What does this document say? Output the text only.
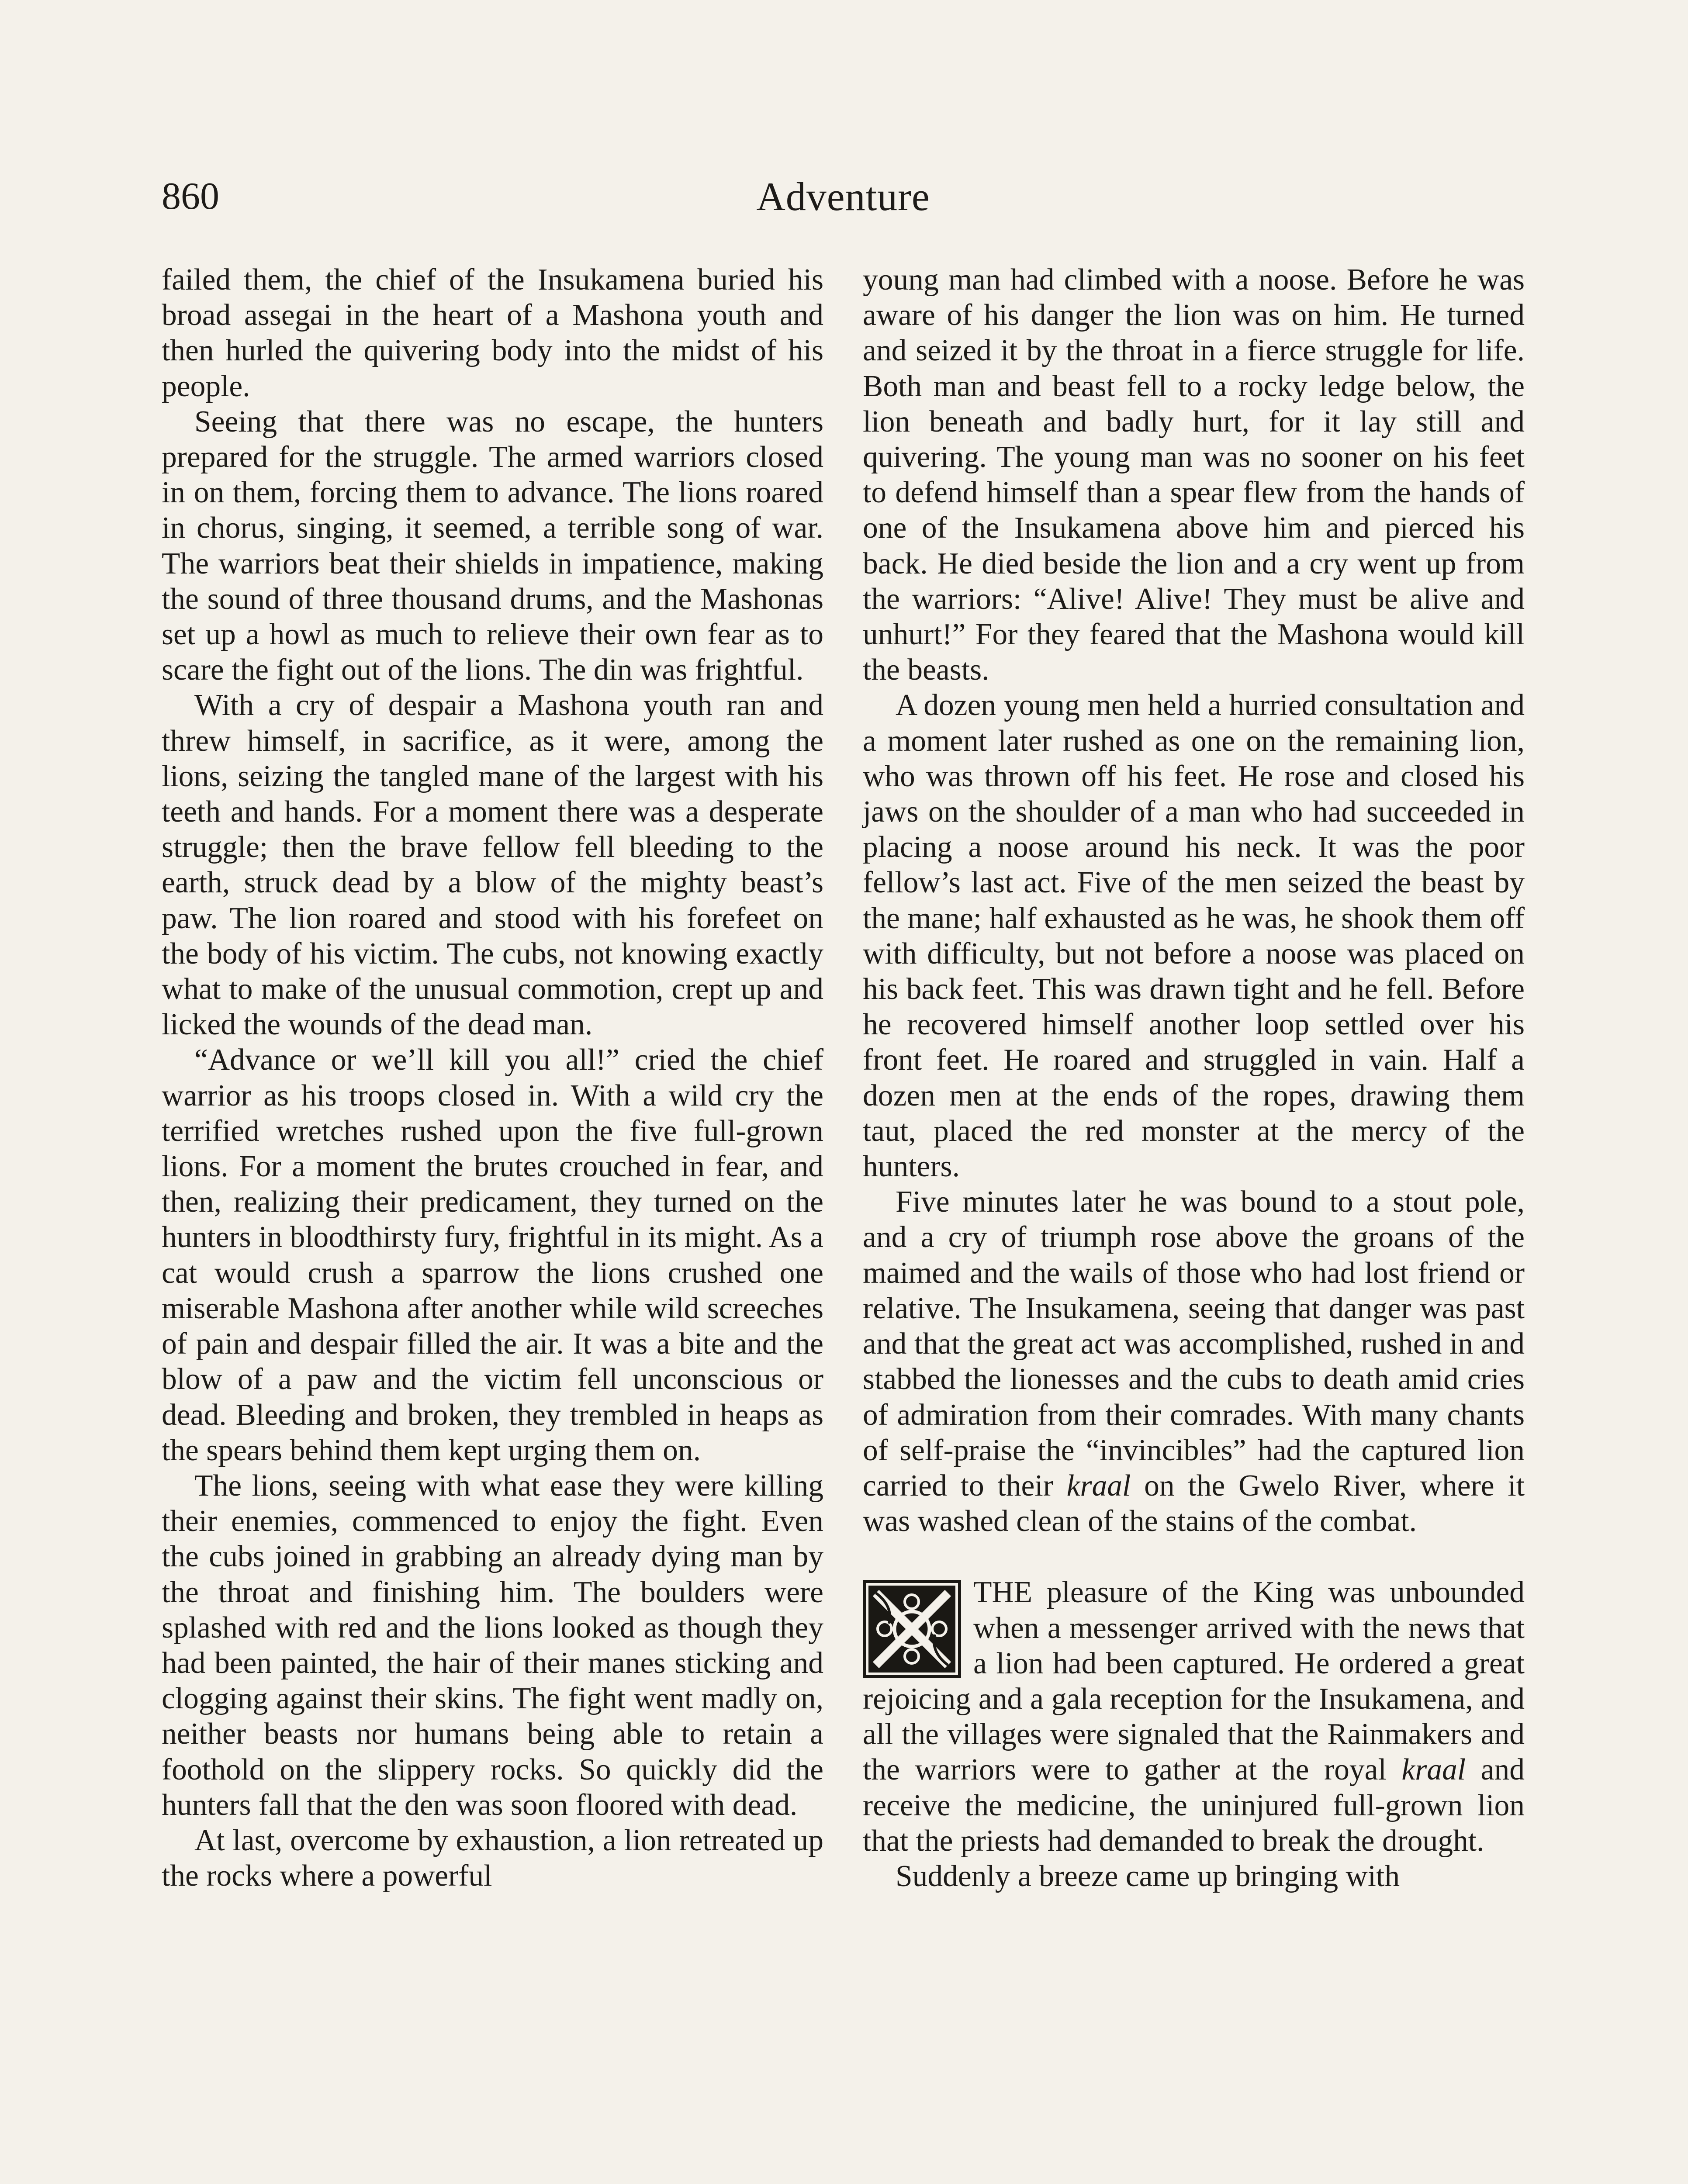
860	Adventure

failed them, the chief of the Insukamena buried his broad assegai in the heart of a Mashona youth and then hurled the quivering body into the midst of his people.

Seeing that there was no escape, the hunters prepared for the struggle. The armed warriors closed in on them, forcing them to advance. The lions roared in chorus, singing, it seemed, a terrible song of war. The warriors beat their shields in impatience, making the sound of three thousand drums, and the Mashonas set up a howl as much to relieve their own fear as to scare the fight out of the lions. The din was frightful.

With a cry of despair a Mashona youth ran and threw himself, in sacrifice, as it were, among the lions, seizing the tangled mane of the largest with his teeth and hands. For a moment there was a desperate struggle; then the brave fellow fell bleeding to the earth, struck dead by a blow of the mighty beast’s paw. The lion roared and stood with his forefeet on the body of his victim. The cubs, not knowing exactly what to make of the unusual commotion, crept up and licked the wounds of the dead man.

“Advance or we’ll kill you all!” cried the chief warrior as his troops closed in. With a wild cry the terrified wretches rushed upon the five full-grown lions. For a moment the brutes crouched in fear, and then, realizing their predicament, they turned on the hunters in bloodthirsty fury, frightful in its might. As a cat would crush a sparrow the lions crushed one miserable Mashona after another while wild screeches of pain and despair filled the air. It was a bite and the blow of a paw and the victim fell unconscious or dead. Bleeding and broken, they trembled in heaps as the spears behind them kept urging them on.

The lions, seeing with what ease they were killing their enemies, commenced to enjoy the fight. Even the cubs joined in grabbing an already dying man by the throat and finishing him. The boulders were splashed with red and the lions looked as though they had been painted, the hair of their manes sticking and clogging against their skins. The fight went madly on, neither beasts nor humans being able to retain a foothold on the slippery rocks. So quickly did the hunters fall that the den was soon floored with dead.

At last, overcome by exhaustion, a lion retreated up the rocks where a powerful

young man had climbed with a noose. Before he was aware of his danger the lion was on him. He turned and seized it by the throat in a fierce struggle for life. Both man and beast fell to a rocky ledge below, the lion beneath and badly hurt, for it lay still and quivering. The young man was no sooner on his feet to defend himself than a spear flew from the hands of one of the Insukamena above him and pierced his back. He died beside the lion and a cry went up from the warriors: “Alive! Alive! They must be alive and unhurt!” For they feared that the Mashona would kill the beasts.

A dozen young men held a hurried consultation and a moment later rushed as one on the remaining lion, who was thrown off his feet. He rose and closed his jaws on the shoulder of a man who had succeeded in placing a noose around his neck. It was the poor fellow’s last act. Five of the men seized the beast by the mane; half exhausted as he was, he shook them off with difficulty, but not before a noose was placed on his back feet. This was drawn tight and he fell. Before he recovered himself another loop settled over his front feet. He roared and struggled in vain. Half a dozen men at the ends of the ropes, drawing them taut, placed the red monster at the mercy of the hunters.

Five minutes later he was bound to a stout pole, and a cry of triumph rose above the groans of the maimed and the wails of those who had lost friend or relative. The Insukamena, seeing that danger was past and that the great act was accomplished, rushed in and stabbed the lionesses and the cubs to death amid cries of admiration from their comrades. With many chants of self-praise the “invincibles” had the captured lion carried to their kraal on the Gwelo River, where it was washed clean of the stains of the combat.

THE pleasure of the King was unbounded when a messenger arrived with the news that a lion had been captured. He ordered a great rejoicing and a gala reception for the Insukamena, and all the villages were signaled that the Rainmakers and the warriors were to gather at the royal kraal and receive the medicine, the uninjured full-grown lion that the priests had demanded to break the drought.

Suddenly a breeze came up bringing with
